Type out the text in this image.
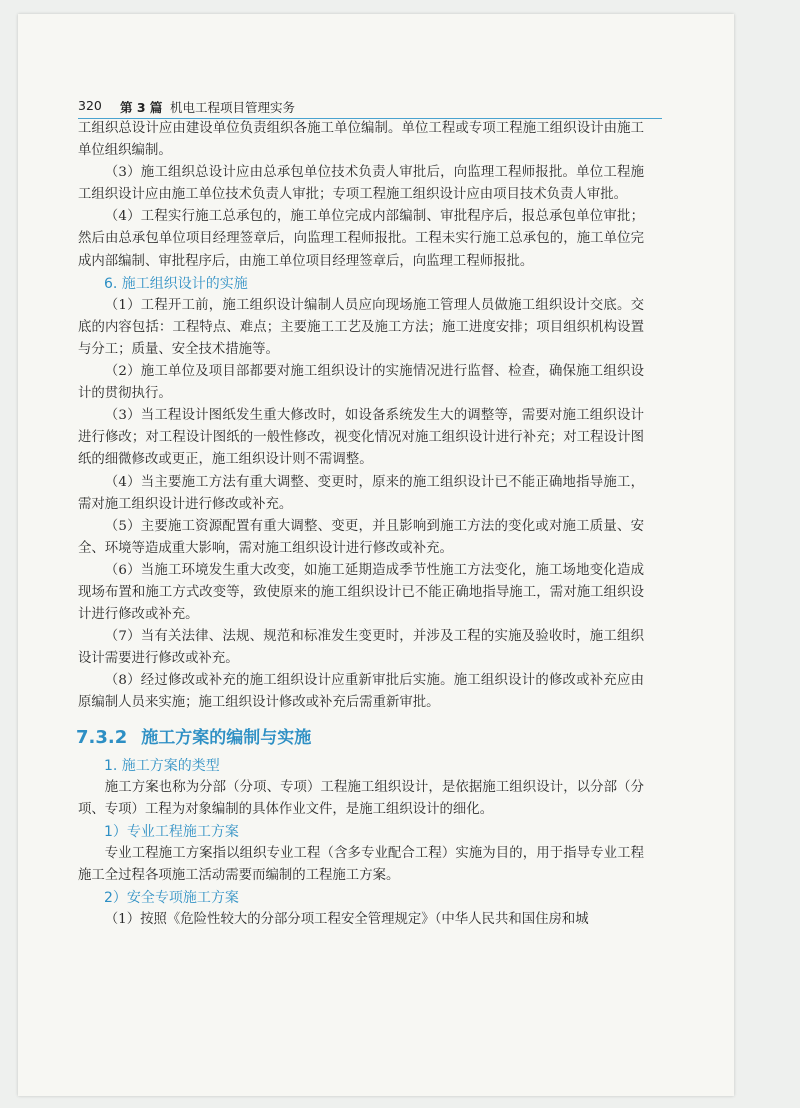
320 第 3 篇 机电工程项目管理实务

工组织总设计应由建设单位负责组织各施工单位编制。单位工程或专项工程施工组织设计由施工单位组织编制。

（3）施工组织总设计应由总承包单位技术负责人审批后，向监理工程师报批。单位工程施工组织设计应由施工单位技术负责人审批；专项工程施工组织设计应由项目技术负责人审批。

（4）工程实行施工总承包的，施工单位完成内部编制、审批程序后，报总承包单位审批；然后由总承包单位项目经理签章后，向监理工程师报批。工程未实行施工总承包的，施工单位完成内部编制、审批程序后，由施工单位项目经理签章后，向监理工程师报批。

6. 施工组织设计的实施

（1）工程开工前，施工组织设计编制人员应向现场施工管理人员做施工组织设计交底。交底的内容包括：工程特点、难点；主要施工工艺及施工方法；施工进度安排；项目组织机构设置与分工；质量、安全技术措施等。

（2）施工单位及项目部都要对施工组织设计的实施情况进行监督、检查，确保施工组织设计的贯彻执行。

（3）当工程设计图纸发生重大修改时，如设备系统发生大的调整等，需要对施工组织设计进行修改；对工程设计图纸的一般性修改，视变化情况对施工组织设计进行补充；对工程设计图纸的细微修改或更正，施工组织设计则不需调整。

（4）当主要施工方法有重大调整、变更时，原来的施工组织设计已不能正确地指导施工，需对施工组织设计进行修改或补充。

（5）主要施工资源配置有重大调整、变更，并且影响到施工方法的变化或对施工质量、安全、环境等造成重大影响，需对施工组织设计进行修改或补充。

（6）当施工环境发生重大改变，如施工延期造成季节性施工方法变化，施工场地变化造成现场布置和施工方式改变等，致使原来的施工组织设计已不能正确地指导施工，需对施工组织设计进行修改或补充。

（7）当有关法律、法规、规范和标准发生变更时，并涉及工程的实施及验收时，施工组织设计需要进行修改或补充。

（8）经过修改或补充的施工组织设计应重新审批后实施。施工组织设计的修改或补充应由原编制人员来实施；施工组织设计修改或补充后需重新审批。

7.3.2 施工方案的编制与实施
1. 施工方案的类型

施工方案也称为分部（分项、专项）工程施工组织设计，是依据施工组织设计，以分部（分项、专项）工程为对象编制的具体作业文件，是施工组织设计的细化。

1）专业工程施工方案

专业工程施工方案指以组织专业工程（含多专业配合工程）实施为目的，用于指导专业工程施工全过程各项施工活动需要而编制的工程施工方案。

2）安全专项施工方案

（1）按照《危险性较大的分部分项工程安全管理规定》（中华人民共和国住房和城
